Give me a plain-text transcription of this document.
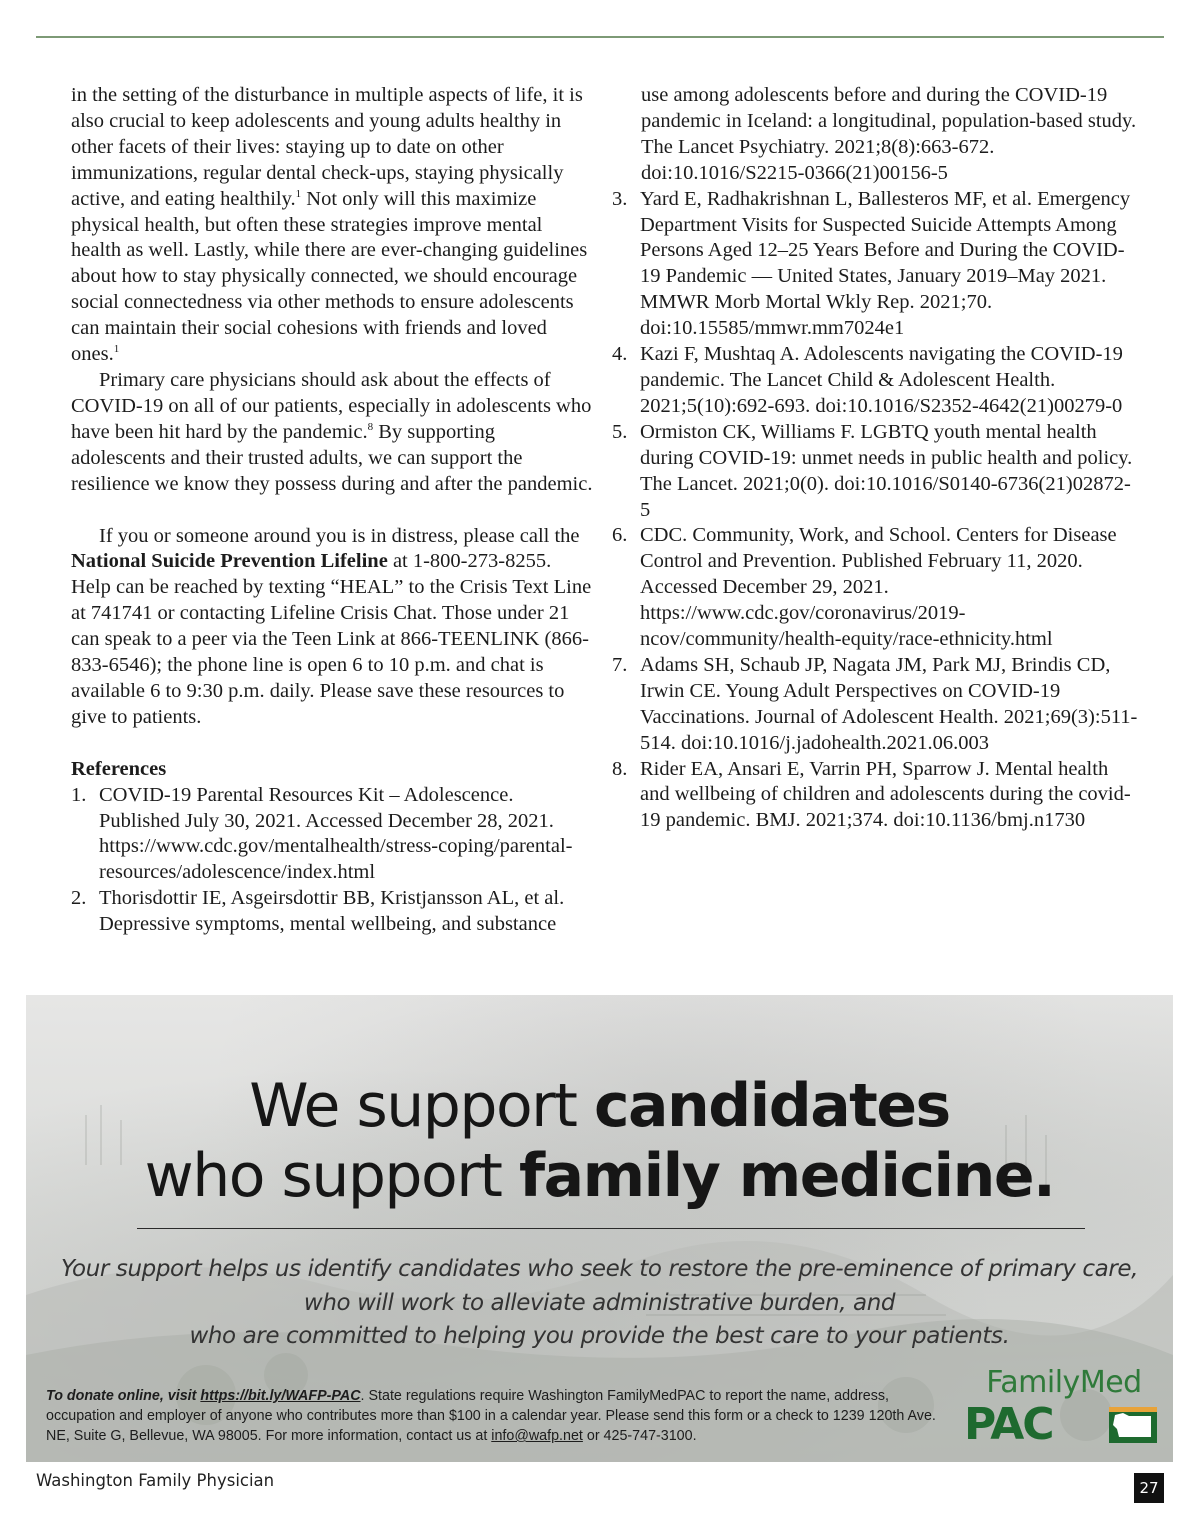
in the setting of the disturbance in multiple aspects of life, it is also crucial to keep adolescents and young adults healthy in other facets of their lives: staying up to date on other immunizations, regular dental check-ups, staying physically active, and eating healthily.$^1$ Not only will this maximize physical health, but often these strategies improve mental health as well. Lastly, while there are ever-changing guidelines about how to stay physically connected, we should encourage social connectedness via other methods to ensure adolescents can maintain their social cohesions with friends and loved ones.$^1$

Primary care physicians should ask about the effects of COVID-19 on all of our patients, especially in adolescents who have been hit hard by the pandemic.$^8$ By supporting adolescents and their trusted adults, we can support the resilience we know they possess during and after the pandemic.

If you or someone around you is in distress, please call the National Suicide Prevention Lifeline at 1-800-273-8255. Help can be reached by texting “HEAL” to the Crisis Text Line at 741741 or contacting Lifeline Crisis Chat. Those under 21 can speak to a peer via the Teen Link at 866-TEENLINK (866-833-6546); the phone line is open 6 to 10 p.m. and chat is available 6 to 9:30 p.m. daily. Please save these resources to give to patients.

References

1. COVID-19 Parental Resources Kit – Adolescence. Published July 30, 2021. Accessed December 28, 2021. https://www.cdc.gov/mentalhealth/stress-coping/parental-resources/adolescence/index.html
2. Thorisdottir IE, Asgeirsdottir BB, Kristjansson AL, et al. Depressive symptoms, mental wellbeing, and substance

use among adolescents before and during the COVID-19 pandemic in Iceland: a longitudinal, population-based study. The Lancet Psychiatry. 2021;8(8):663-672. doi:10.1016/S2215-0366(21)00156-5

3. Yard E, Radhakrishnan L, Ballesteros MF, et al. Emergency Department Visits for Suspected Suicide Attempts Among Persons Aged 12–25 Years Before and During the COVID-19 Pandemic — United States, January 2019–May 2021. MMWR Morb Mortal Wkly Rep. 2021;70. doi:10.15585/mmwr.mm7024e1
4. Kazi F, Mushtaq A. Adolescents navigating the COVID-19 pandemic. The Lancet Child & Adolescent Health. 2021;5(10):692-693. doi:10.1016/S2352-4642(21)00279-0
5. Ormiston CK, Williams F. LGBTQ youth mental health during COVID-19: unmet needs in public health and policy. The Lancet. 2021;0(0). doi:10.1016/S0140-6736(21)02872-5
6. CDC. Community, Work, and School. Centers for Disease Control and Prevention. Published February 11, 2020. Accessed December 29, 2021. https://www.cdc.gov/coronavirus/2019-ncov/community/health-equity/race-ethnicity.html
7. Adams SH, Schaub JP, Nagata JM, Park MJ, Brindis CD, Irwin CE. Young Adult Perspectives on COVID-19 Vaccinations. Journal of Adolescent Health. 2021;69(3):511-514. doi:10.1016/j.jadohealth.2021.06.003
8. Rider EA, Ansari E, Varrin PH, Sparrow J. Mental health and wellbeing of children and adolescents during the covid-19 pandemic. BMJ. 2021;374. doi:10.1136/bmj.n1730
We support candidates
who support family medicine.
Your support helps us identify candidates who seek to restore the pre-eminence of primary care,
who will work to alleviate administrative burden, and
who are committed to helping you provide the best care to your patients.
To donate online, visit https://bit.ly/WAFP-PAC. State regulations require Washington FamilyMedPAC to report the name, address, occupation and employer of anyone who contributes more than $100 in a calendar year. Please send this form or a check to 1239 120th Ave. NE, Suite G, Bellevue, WA 98005. For more information, contact us at info@wafp.net or 425-747-3100.
FamilyMed
PAC
Washington Family Physician	27
